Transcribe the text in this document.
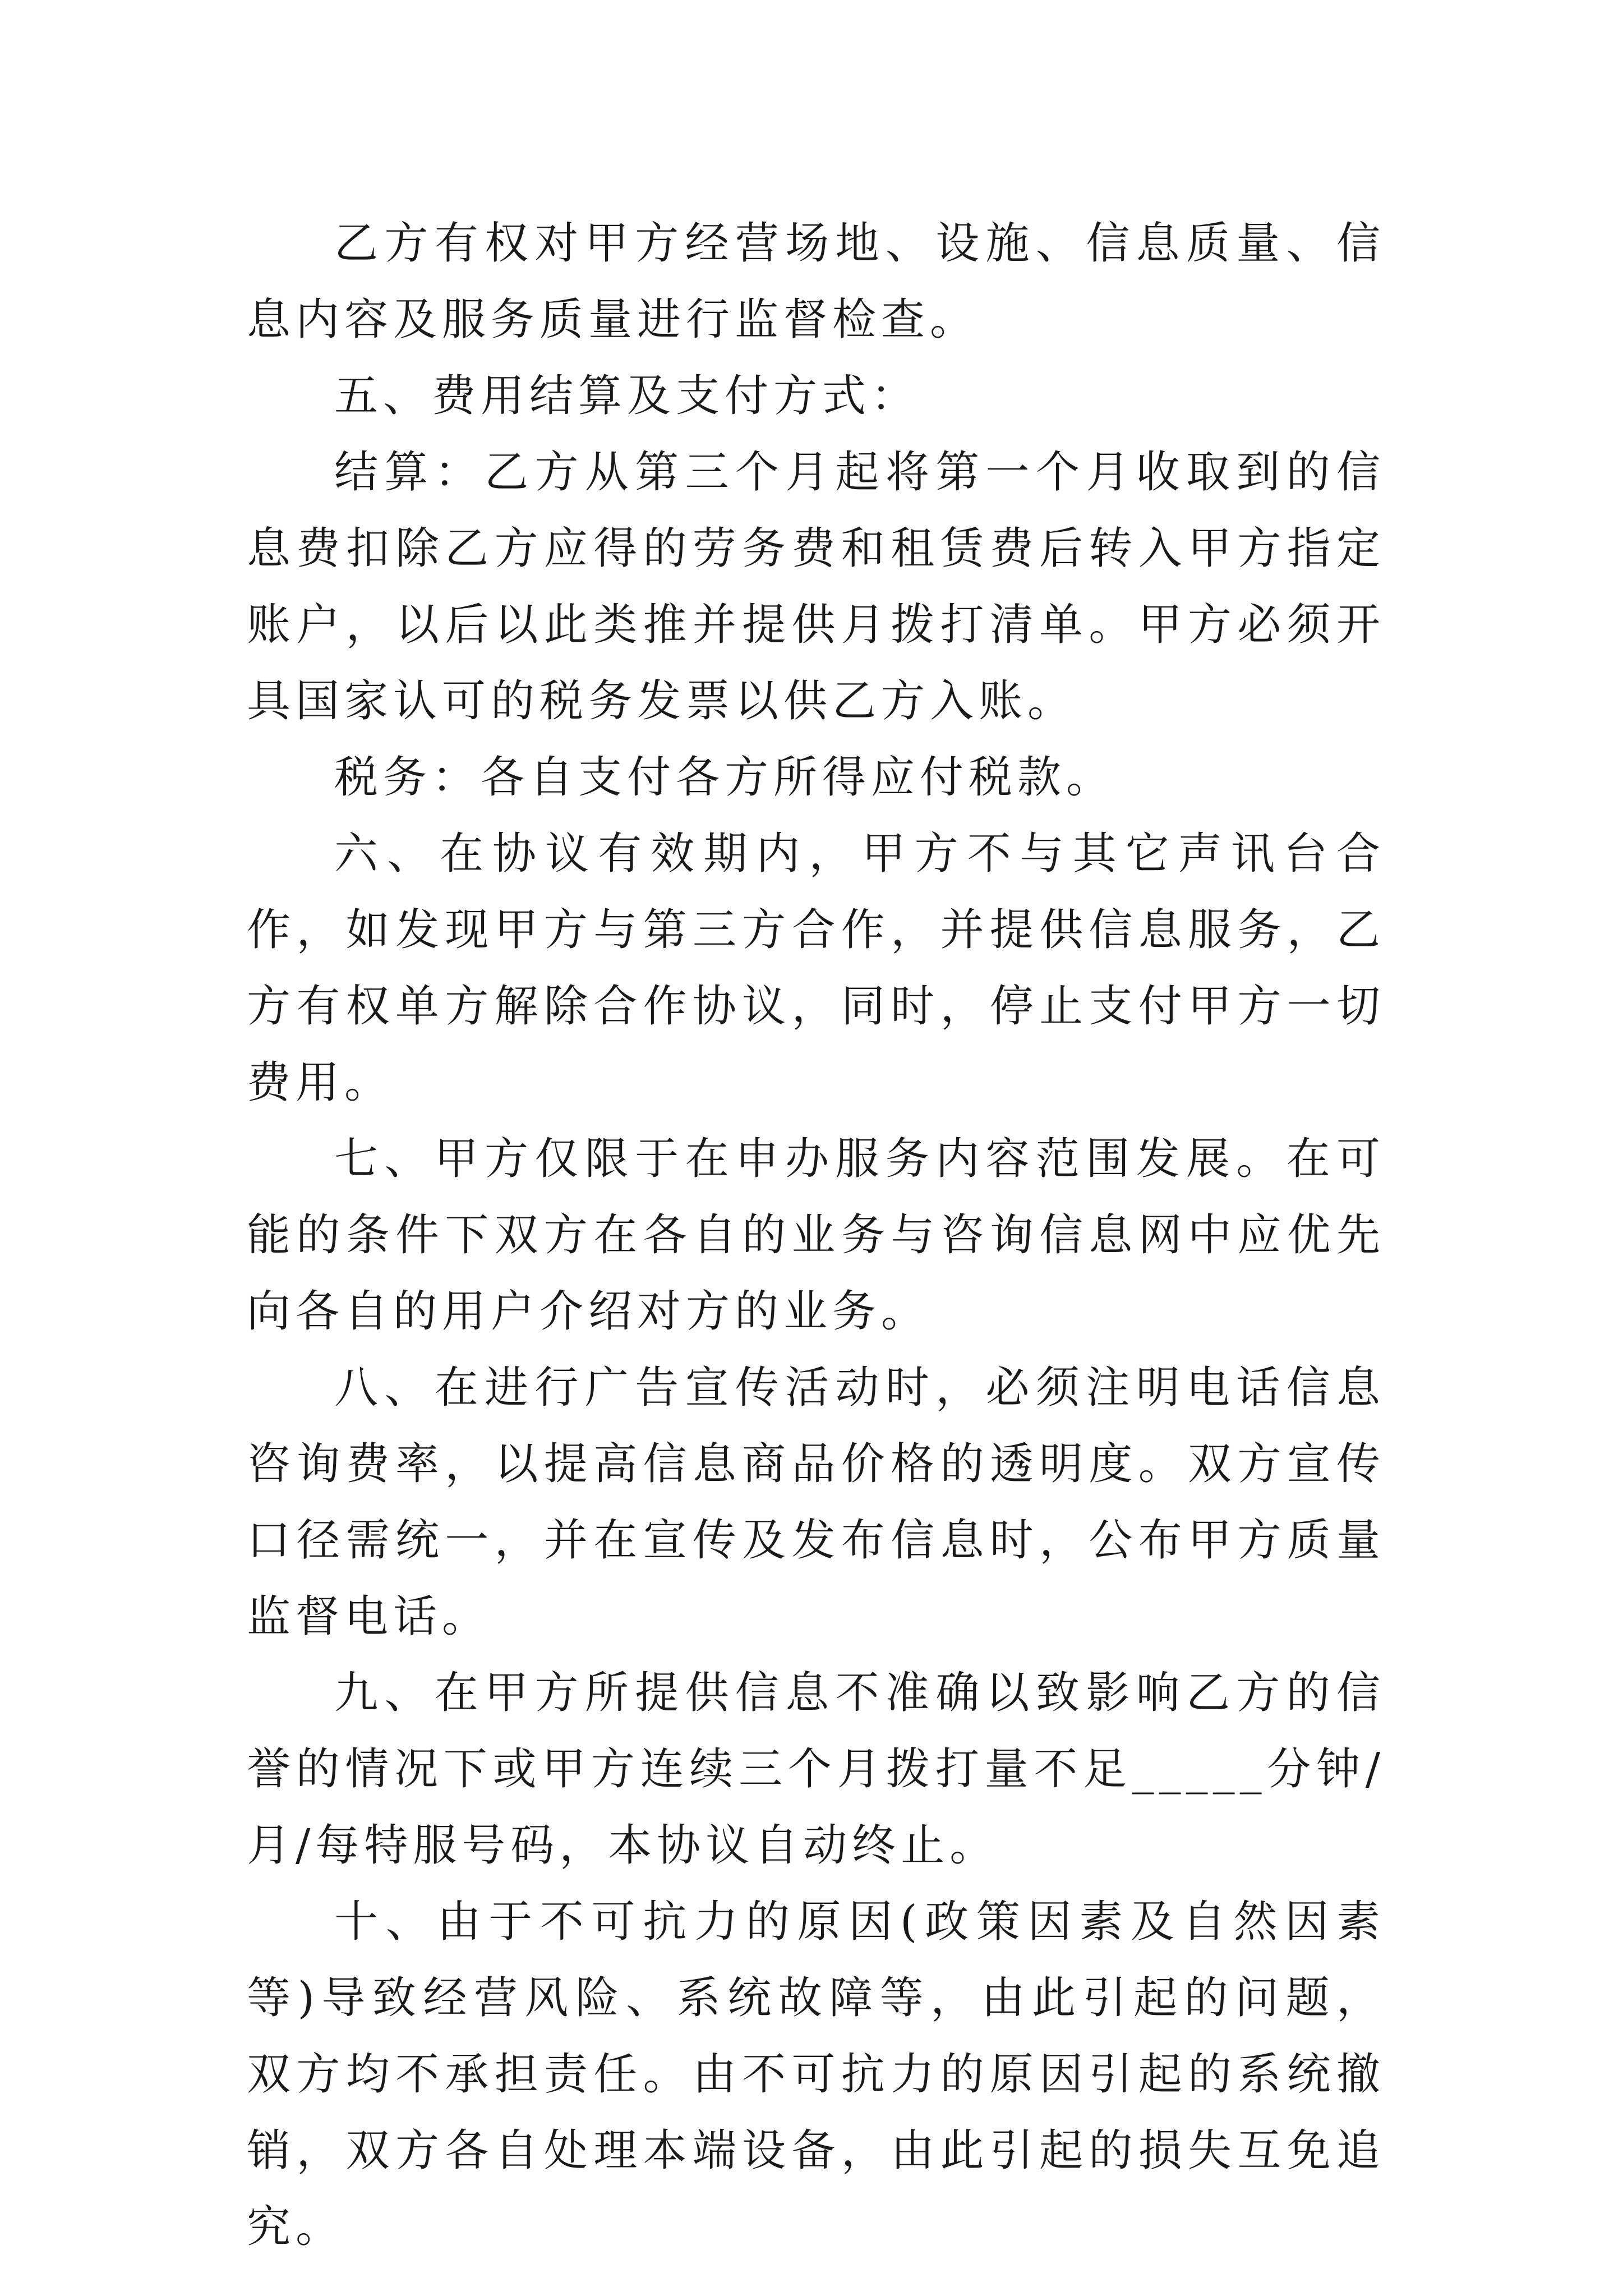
乙方有权对甲方经营场地、设施、信息质量、信息内容及服务质量进行监督检查。

五、费用结算及支付方式：

结算：乙方从第三个月起将第一个月收取到的信息费扣除乙方应得的劳务费和租赁费后转入甲方指定账户，以后以此类推并提供月拨打清单。甲方必须开具国家认可的税务发票以供乙方入账。

税务：各自支付各方所得应付税款。

六、在协议有效期内，甲方不与其它声讯台合作，如发现甲方与第三方合作，并提供信息服务，乙方有权单方解除合作协议，同时，停止支付甲方一切费用。

七、甲方仅限于在申办服务内容范围发展。在可能的条件下双方在各自的业务与咨询信息网中应优先向各自的用户介绍对方的业务。

八、在进行广告宣传活动时，必须注明电话信息咨询费率，以提高信息商品价格的透明度。双方宣传口径需统一，并在宣传及发布信息时，公布甲方质量监督电话。

九、在甲方所提供信息不准确以致影响乙方的信誉的情况下或甲方连续三个月拨打量不足_____分钟/月/每特服号码，本协议自动终止。

十、由于不可抗力的原因(政策因素及自然因素等)导致经营风险、系统故障等，由此引起的问题，双方均不承担责任。由不可抗力的原因引起的系统撤销，双方各自处理本端设备，由此引起的损失互免追究。
